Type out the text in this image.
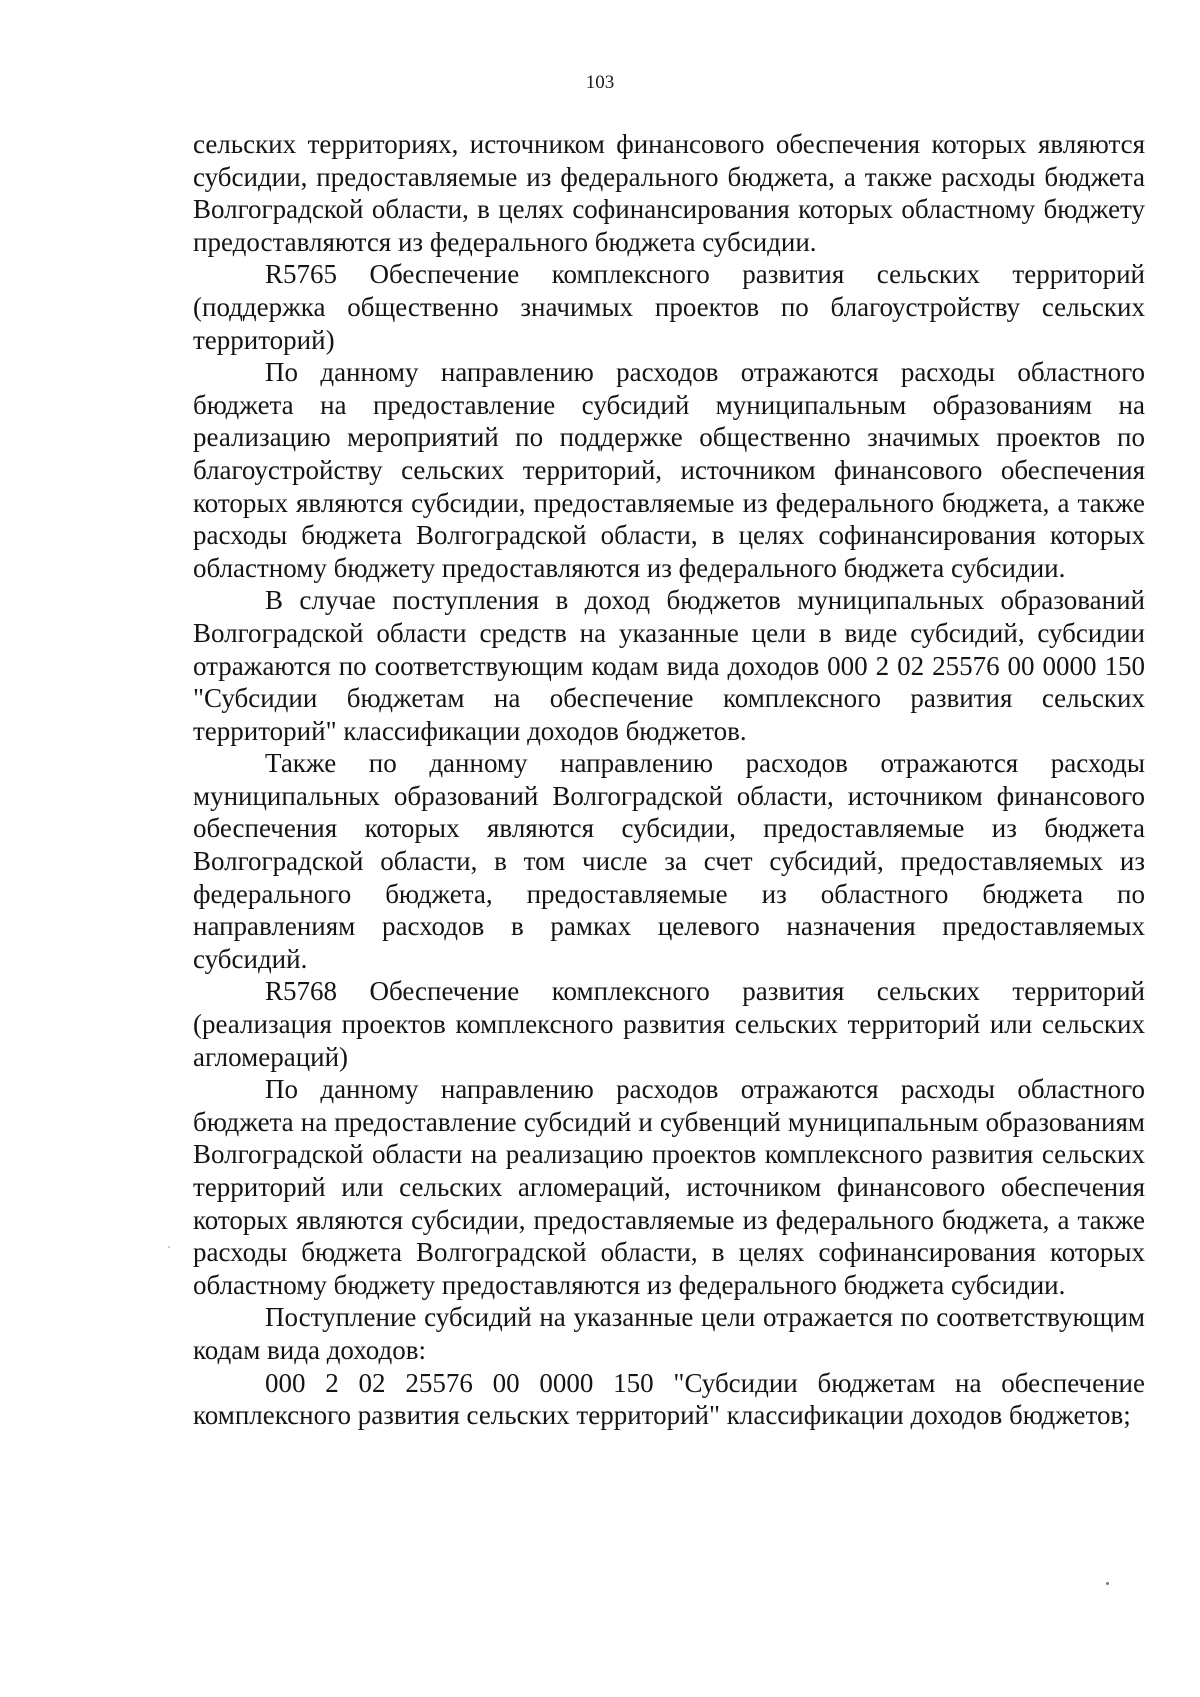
103

сельских территориях, источником финансового обеспечения которых являются субсидии, предоставляемые из федерального бюджета, а также расходы бюджета Волгоградской области, в целях софинансирования которых областному бюджету предоставляются из федерального бюджета субсидии.

R5765 Обеспечение комплексного развития сельских территорий (поддержка общественно значимых проектов по благоустройству сельских территорий)

По данному направлению расходов отражаются расходы областного бюджета на предоставление субсидий муниципальным образованиям на реализацию мероприятий по поддержке общественно значимых проектов по благоустройству сельских территорий, источником финансового обеспечения которых являются субсидии, предоставляемые из федерального бюджета, а также расходы бюджета Волгоградской области, в целях софинансирования которых областному бюджету предоставляются из федерального бюджета субсидии.

В случае поступления в доход бюджетов муниципальных образований Волгоградской области средств на указанные цели в виде субсидий, субсидии отражаются по соответствующим кодам вида доходов 000 2 02 25576 00 0000 150 "Субсидии бюджетам на обеспечение комплексного развития сельских территорий" классификации доходов бюджетов.

Также по данному направлению расходов отражаются расходы муниципальных образований Волгоградской области, источником финансового обеспечения которых являются субсидии, предоставляемые из бюджета Волгоградской области, в том числе за счет субсидий, предоставляемых из федерального бюджета, предоставляемые из областного бюджета по направлениям расходов в рамках целевого назначения предоставляемых субсидий.

R5768 Обеспечение комплексного развития сельских территорий (реализация проектов комплексного развития сельских территорий или сельских агломераций)

По данному направлению расходов отражаются расходы областного бюджета на предоставление субсидий и субвенций муниципальным образованиям Волгоградской области на реализацию проектов комплексного развития сельских территорий или сельских агломераций, источником финансового обеспечения которых являются субсидии, предоставляемые из федерального бюджета, а также расходы бюджета Волгоградской области, в целях софинансирования которых областному бюджету предоставляются из федерального бюджета субсидии.

Поступление субсидий на указанные цели отражается по соответствующим кодам вида доходов:

000 2 02 25576 00 0000 150 "Субсидии бюджетам на обеспечение комплексного развития сельских территорий" классификации доходов бюджетов;
